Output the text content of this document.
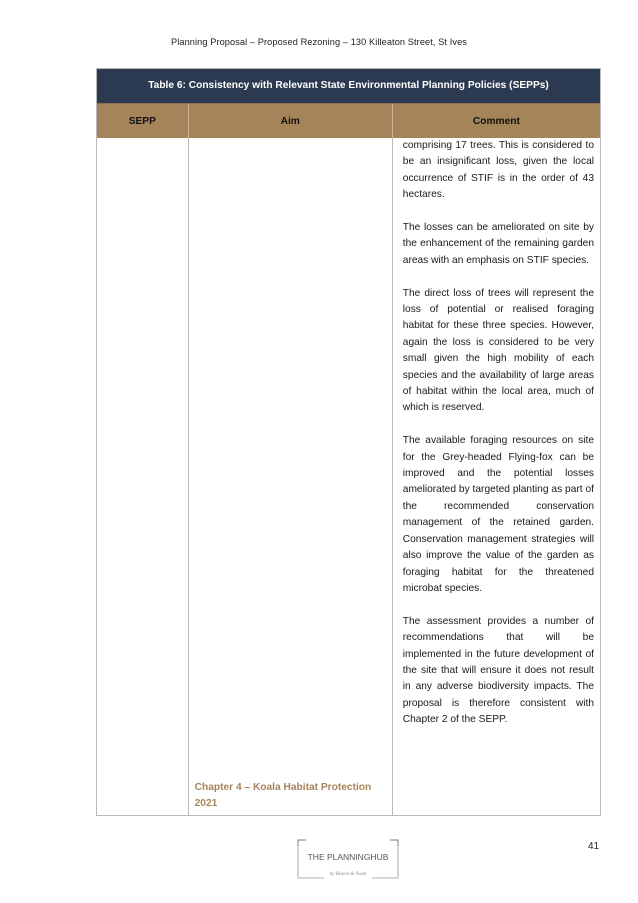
Planning Proposal – Proposed Rezoning – 130 Killeaton Street, St Ives
Table 6: Consistency with Relevant State Environmental Planning Policies (SEPPs)
SEPP	Aim	Comment
Chapter 4 – Koala Habitat Protection 2021

comprising 17 trees. This is considered to be an insignificant loss, given the local occurrence of STIF is in the order of 43 hectares.

The losses can be ameliorated on site by the enhancement of the remaining garden areas with an emphasis on STIF species.

The direct loss of trees will represent the loss of potential or realised foraging habitat for these three species. However, again the loss is considered to be very small given the high mobility of each species and the availability of large areas of habitat within the local area, much of which is reserved.

The available foraging resources on site for the Grey-headed Flying-fox can be improved and the potential losses ameliorated by targeted planting as part of the recommended conservation management of the retained garden. Conservation management strategies will also improve the value of the garden as foraging habitat for the threatened microbat species.

The assessment provides a number of recommendations that will be implemented in the future development of the site that will ensure it does not result in any adverse biodiversity impacts. The proposal is therefore consistent with Chapter 2 of the SEPP.

THE PLANNINGHUB
by Hawes & Swan
41
